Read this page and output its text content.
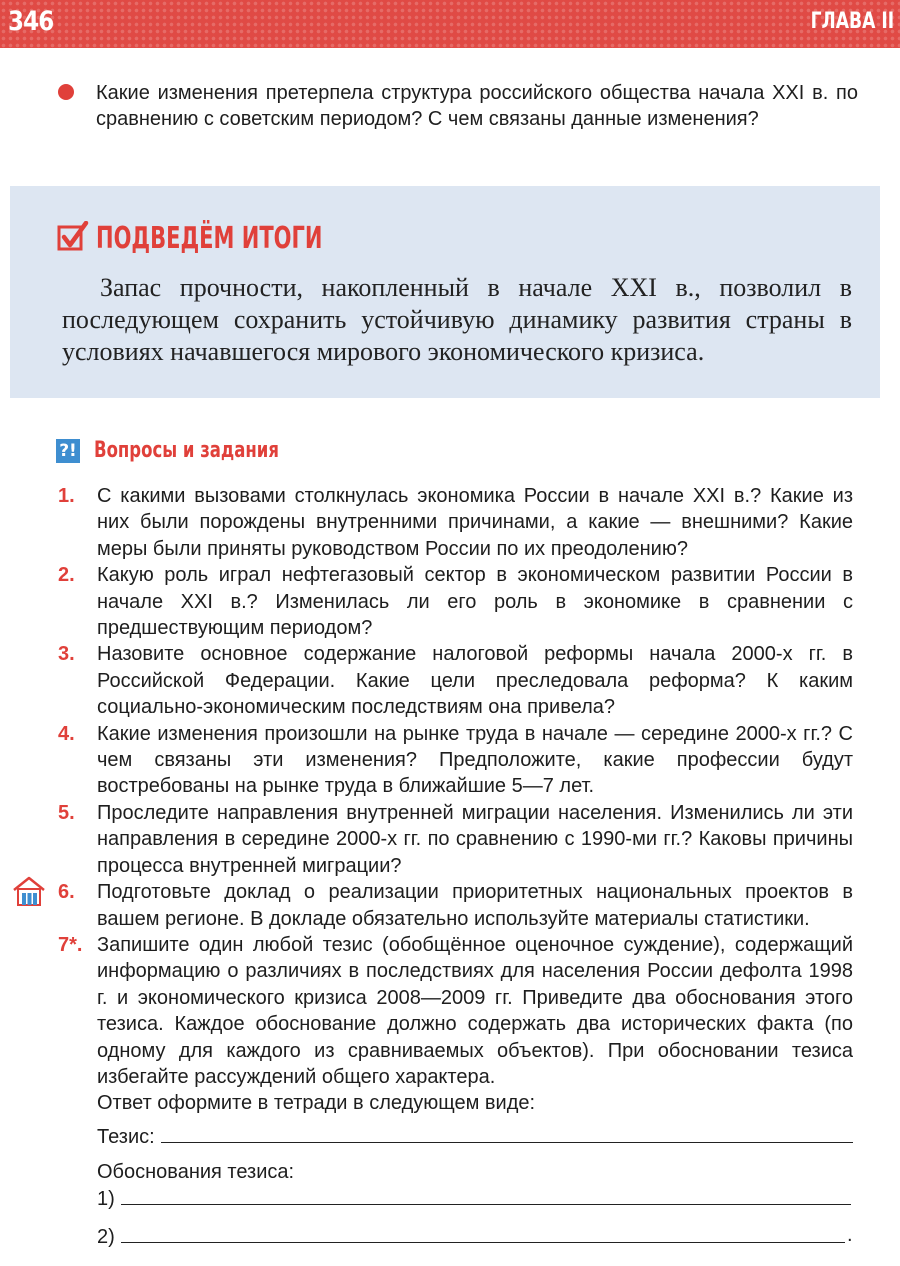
346	ГЛАВА II

Какие изменения претерпела структура российского общества начала XXI в. по сравнению с советским периодом? С чем связаны данные изменения?

ПОДВЕДЁМ ИТОГИ

Запас прочности, накопленный в начале XXI в., позволил в последующем сохранить устойчивую динамику развития страны в условиях начавшегося мирового экономического кризиса.

?! Вопросы и задания
1.	С какими вызовами столкнулась экономика России в начале XXI в.? Какие из них были порождены внутренними причинами, а какие — внешними? Какие меры были приняты руководством России по их преодолению?

2.	Какую роль играл нефтегазовый сектор в экономическом развитии России в начале XXI в.? Изменилась ли его роль в экономике в сравнении с предшествующим периодом?

3.	Назовите основное содержание налоговой реформы начала 2000-х гг. в Российской Федерации. Какие цели преследовала реформа? К каким социально-экономическим последствиям она привела?

4.	Какие изменения произошли на рынке труда в начале — середине 2000-х гг.? С чем связаны эти изменения? Предположите, какие профессии будут востребованы на рынке труда в ближайшие 5—7 лет.

5.	Проследите направления внутренней миграции населения. Изменились ли эти направления в середине 2000-х гг. по сравнению с 1990-ми гг.? Каковы причины процесса внутренней миграции?

6.	Подготовьте доклад о реализации приоритетных национальных проектов в вашем регионе. В докладе обязательно используйте материалы статистики.

7*. Запишите один любой тезис (обобщённое оценочное суждение), содержащий информацию о различиях в последствиях для населения России дефолта 1998 г. и экономического кризиса 2008—2009 гг. Приведите два обоснования этого тезиса. Каждое обоснование должно содержать два исторических факта (по одному для каждого из сравниваемых объектов). При обосновании тезиса избегайте рассуждений общего характера.

Ответ оформите в тетради в следующем виде:

Тезис:
Обоснования тезиса:
1)
2)	.
